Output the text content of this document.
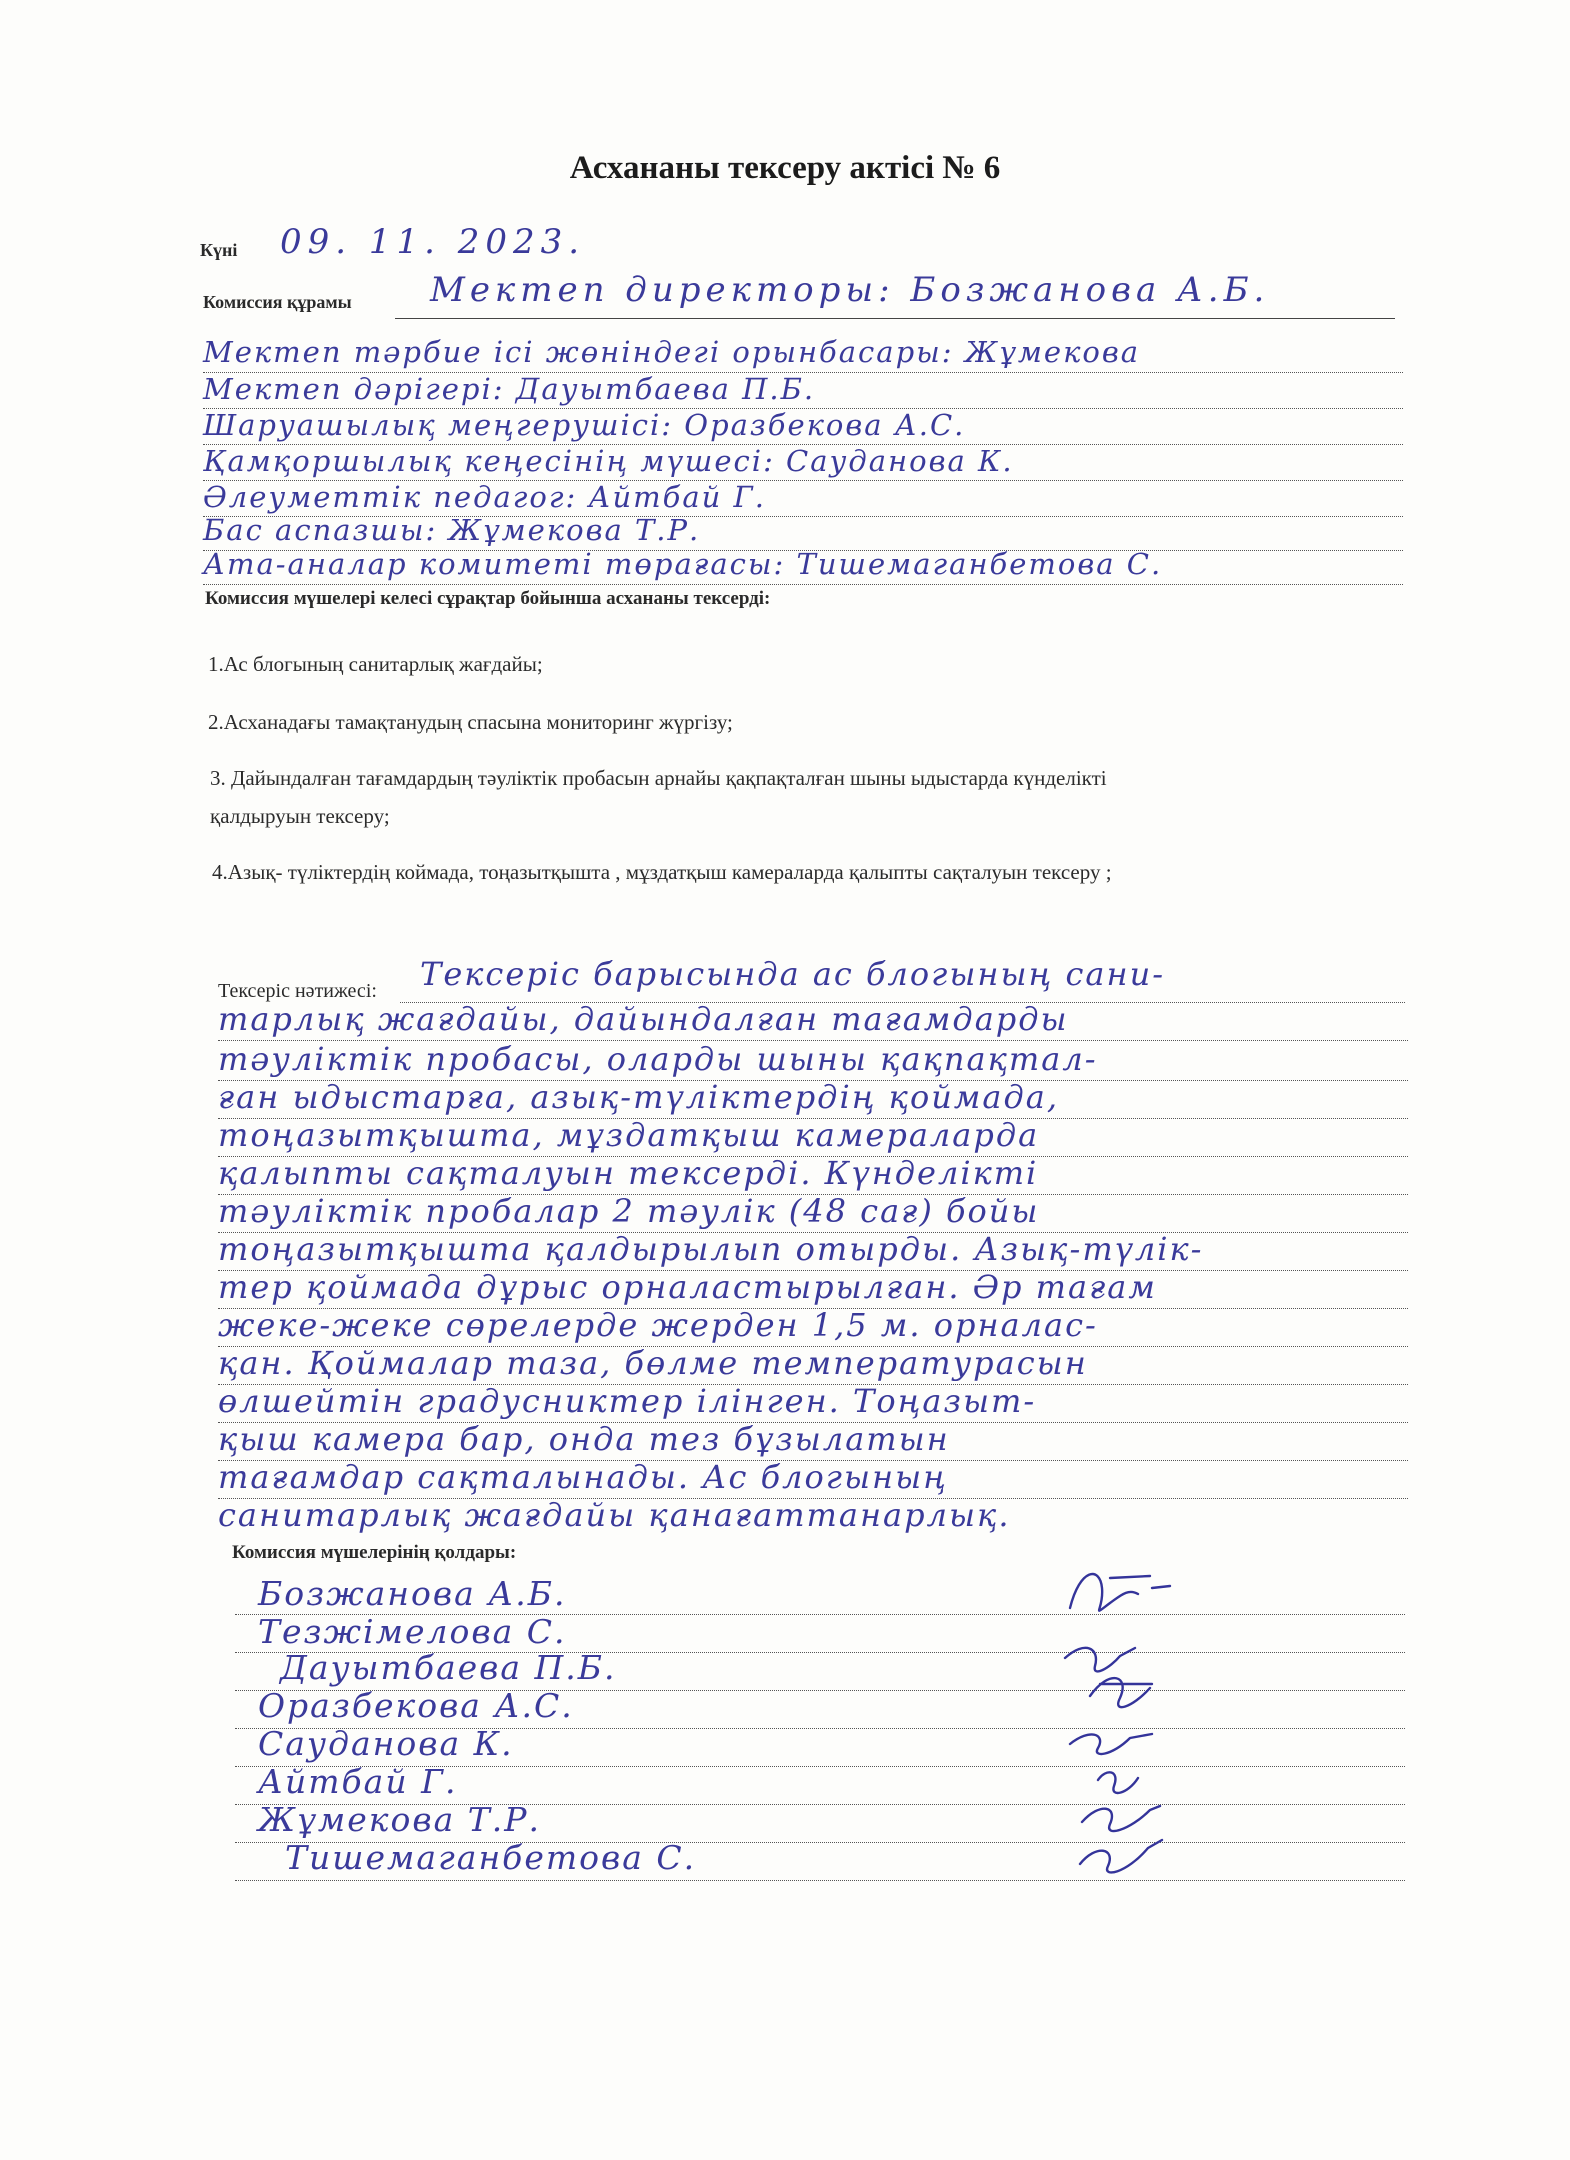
Асхананы тексеру актісі № 6
Күні 09. 11. 2023.
Комиссия құрамы Мектеп директоры: Бозжанова А.Б.
Мектеп тәрбие ісі жөніндегі орынбасары: Жұмекова
Мектеп дәрігері: Дауытбаева П.Б.
Шаруашылық меңгерушісі: Оразбекова А.С.
Қамқоршылық кеңесінің мүшесі: Сауданова К.
Әлеуметтік педагог: Айтбай Г.
Бас аспазшы: Жұмекова Т.Р.
Ата-аналар комитеті төрағасы: Тишемаганбетова С.
Комиссия мүшелері келесі сұрақтар бойынша асхананы тексерді:
1.Ас блогының санитарлық жағдайы;
2.Асханадағы тамақтанудың спасына мониторинг жүргізу;
3. Дайындалған тағамдардың тәуліктік пробасын арнайы қақпақталған шыны ыдыстарда күнделікті
қалдыруын тексеру;
4.Азық- түліктердің коймада, тоңазытқышта , мұздатқыш камераларда қалыпты сақталуын тексеру ;
Тексеріс нәтижесі: Тексеріс барысында ас блогының сани-
тарлық жағдайы, дайындалған тағамдарды
тәуліктік пробасы, оларды шыны қақпақтал-
ған ыдыстарға, азық-түліктердің қоймада,
тоңазытқышта, мұздатқыш камераларда
қалыпты сақталуын тексерді. Күнделікті
тәуліктік пробалар 2 тәулік (48 сағ) бойы
тоңазытқышта қалдырылып отырды. Азық-түлік-
тер қоймада дұрыс орналастырылған. Әр тағам
жеке-жеке сөрелерде жерден 1,5 м. орналас-
қан. Қоймалар таза, бөлме температурасын
өлшейтін градусниктер ілінген. Тоңазыт-
қыш камера бар, онда тез бұзылатын
тағамдар сақталынады. Ас блогының
санитарлық жағдайы қанағаттанарлық.
Комиссия мүшелерінің қолдары:
Бозжанова А.Б.
Тезжімелова С.
Дауытбаева П.Б.
Оразбекова А.С.
Сауданова К.
Айтбай Г.
Жұмекова Т.Р.
Тишемаганбетова С.
